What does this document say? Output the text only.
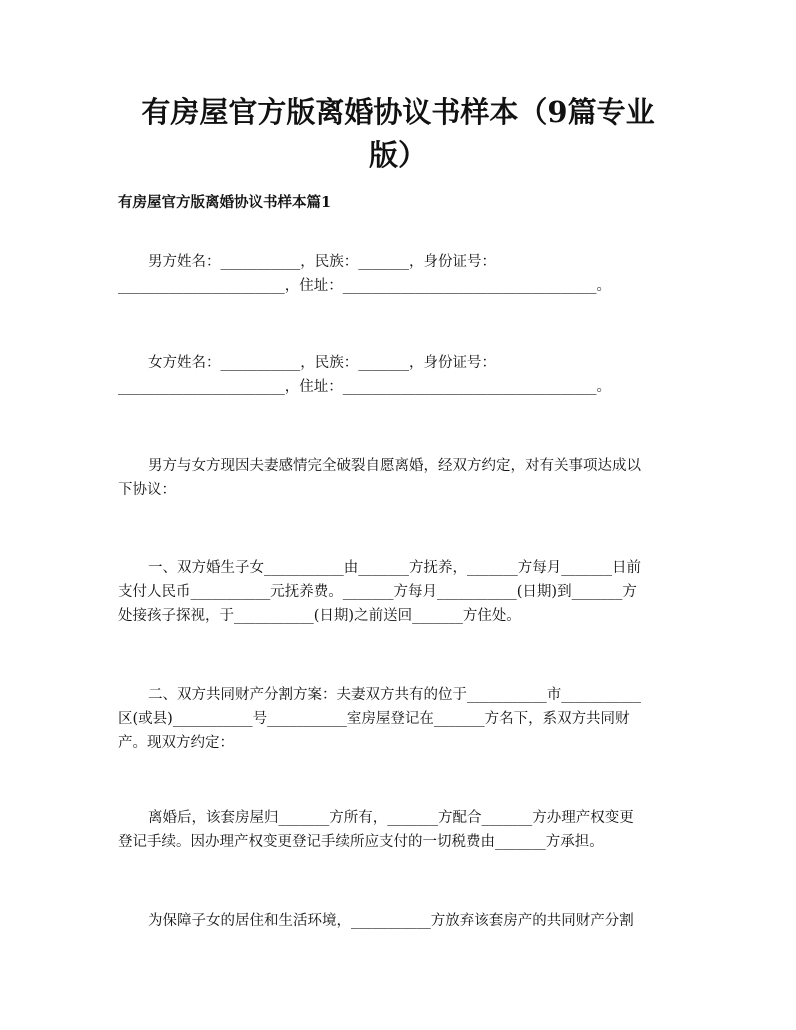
有房屋官方版离婚协议书样本（9篇专业
版）
有房屋官方版离婚协议书样本篇1

男方姓名：___________，民族：_______，身份证号：

_______________________，住址：___________________________________。

女方姓名：___________，民族：_______，身份证号：

_______________________，住址：___________________________________。

男方与女方现因夫妻感情完全破裂自愿离婚，经双方约定，对有关事项达成以

下协议：

一、双方婚生子女___________由_______方抚养，_______方每月_______日前

支付人民币___________元抚养费。_______方每月___________(日期)到_______方

处接孩子探视，于___________(日期)之前送回_______方住处。

二、双方共同财产分割方案：夫妻双方共有的位于___________市___________

区(或县)___________号___________室房屋登记在_______方名下，系双方共同财

产。现双方约定：

离婚后，该套房屋归_______方所有，_______方配合_______方办理产权变更

登记手续。因办理产权变更登记手续所应支付的一切税费由_______方承担。

为保障子女的居住和生活环境，___________方放弃该套房产的共同财产分割
